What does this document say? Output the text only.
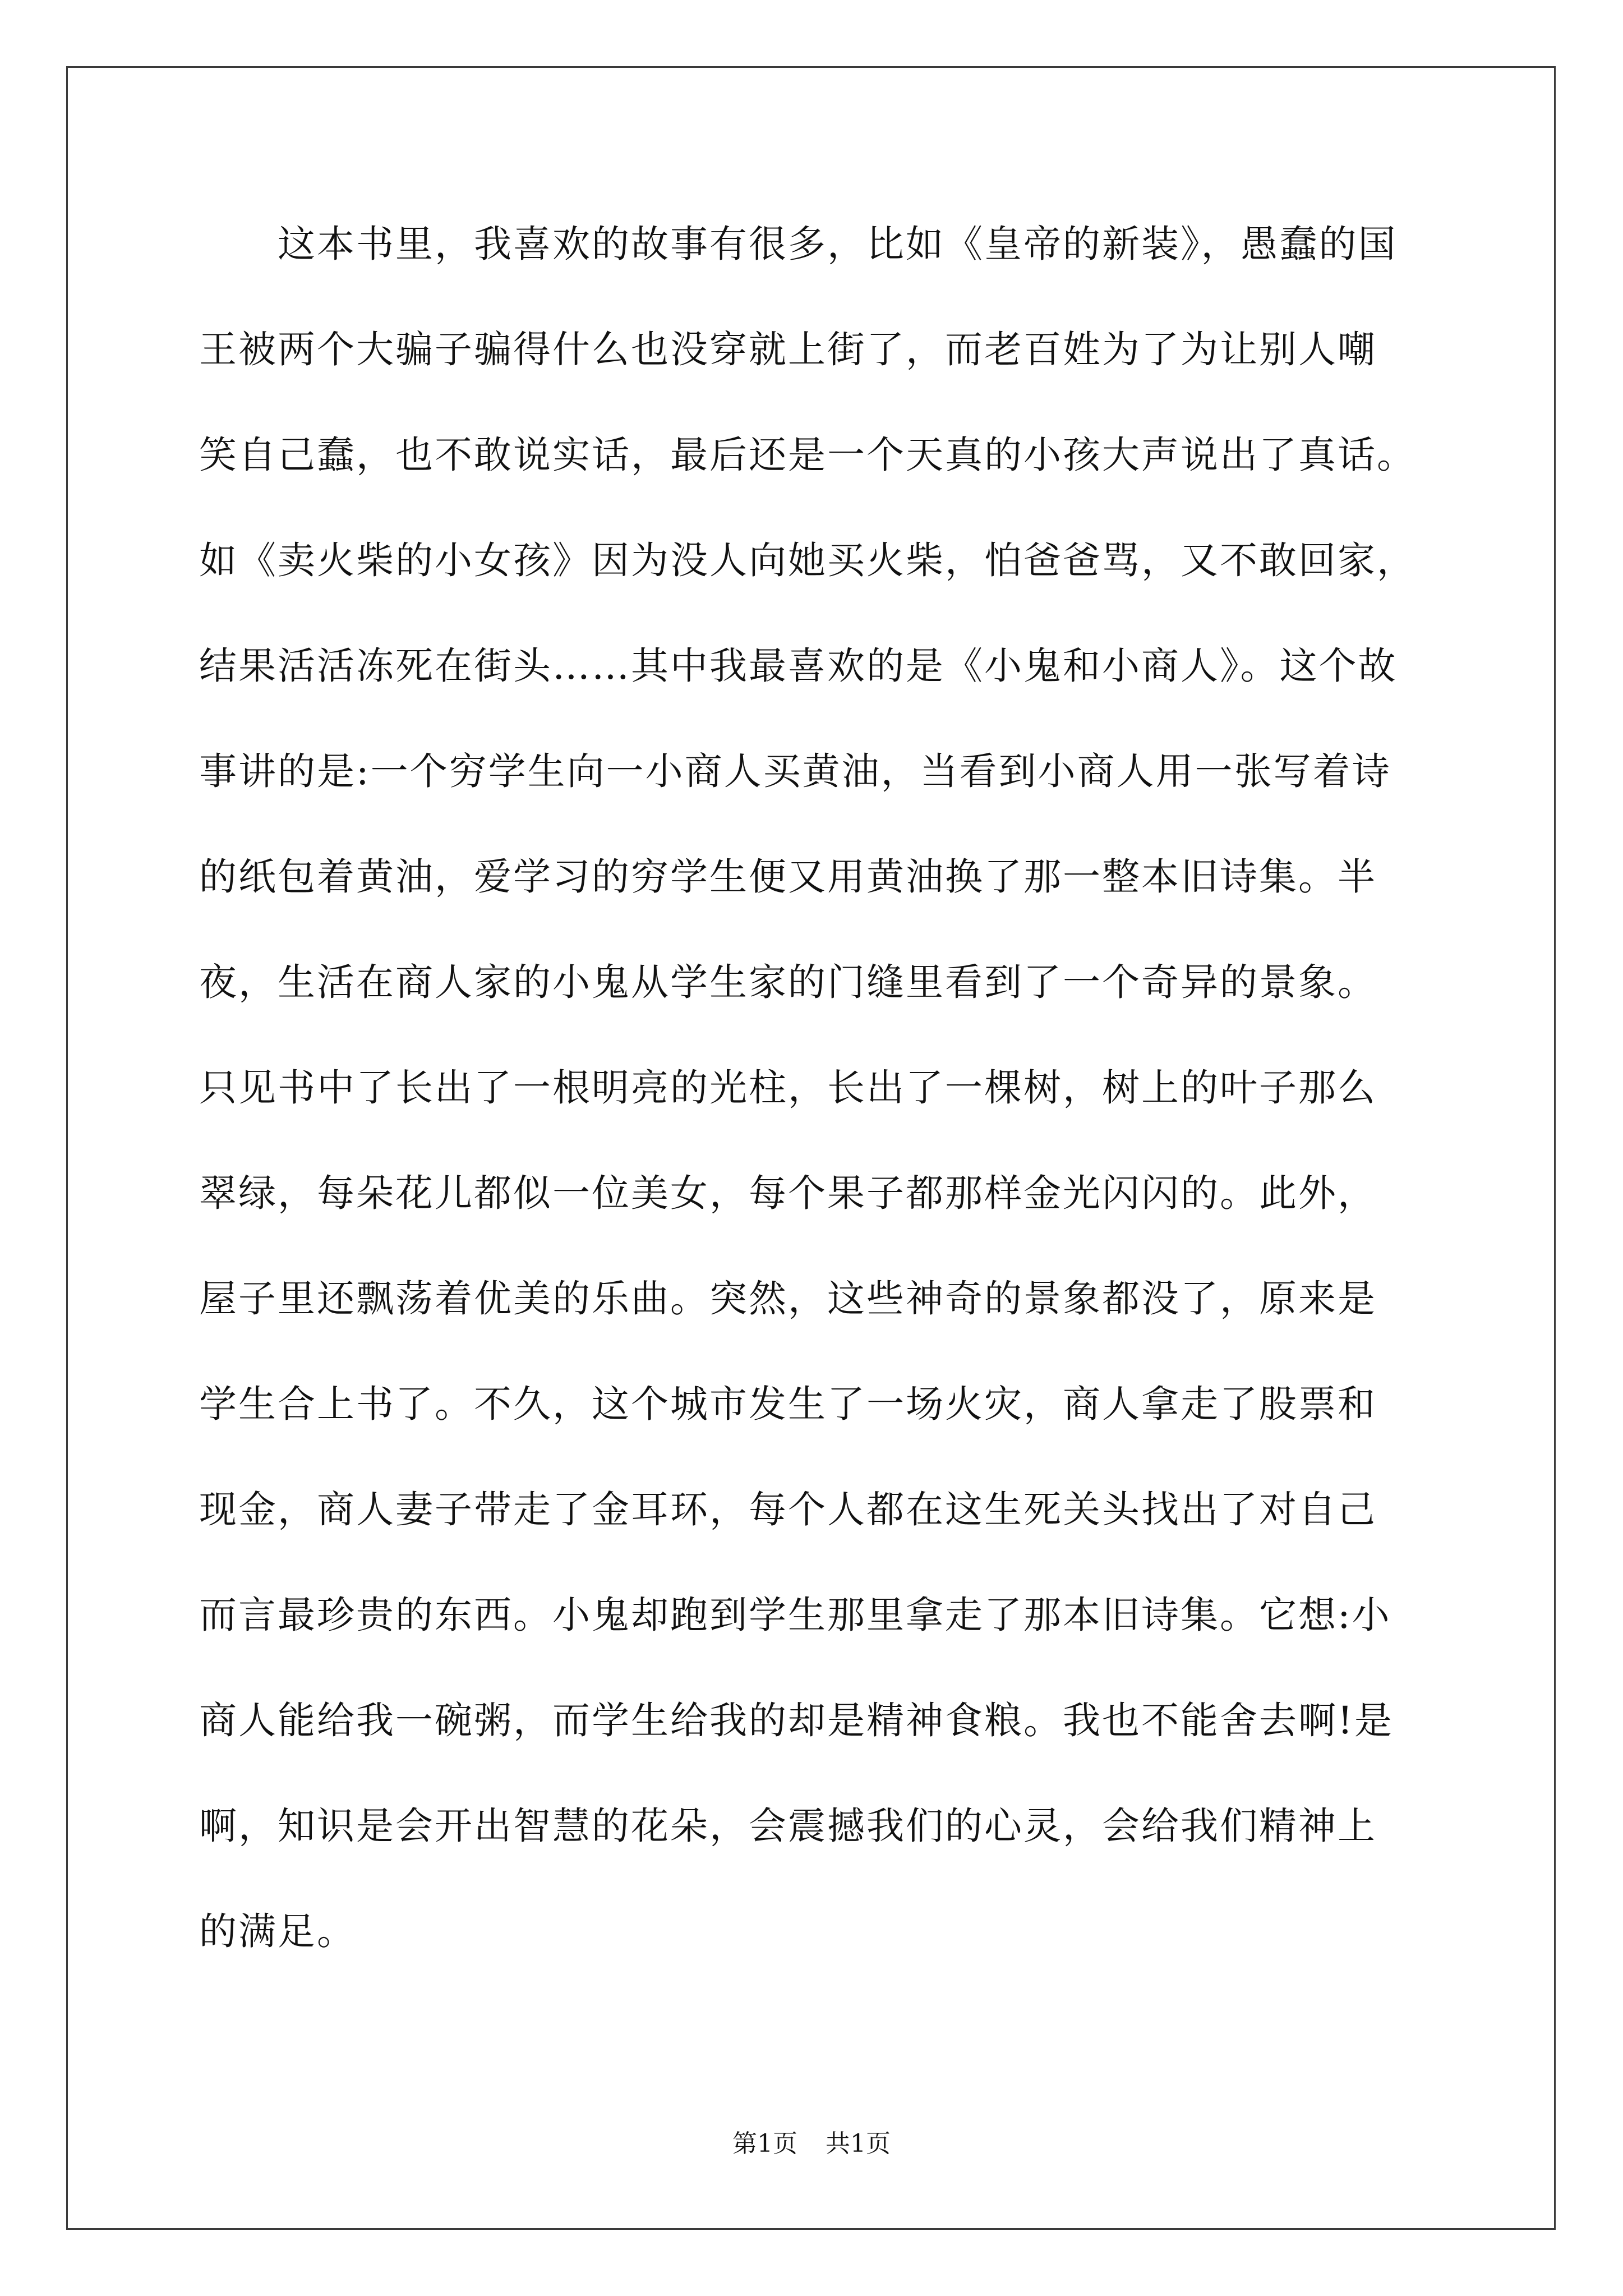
这本书里，我喜欢的故事有很多，比如《皇帝的新装》，愚蠢的国
王被两个大骗子骗得什么也没穿就上街了，而老百姓为了为让别人嘲
笑自己蠢，也不敢说实话，最后还是一个天真的小孩大声说出了真话。
如《卖火柴的小女孩》因为没人向她买火柴，怕爸爸骂，又不敢回家，
结果活活冻死在街头……其中我最喜欢的是《小鬼和小商人》。这个故
事讲的是:一个穷学生向一小商人买黄油，当看到小商人用一张写着诗
的纸包着黄油，爱学习的穷学生便又用黄油换了那一整本旧诗集。半
夜，生活在商人家的小鬼从学生家的门缝里看到了一个奇异的景象。
只见书中了长出了一根明亮的光柱，长出了一棵树，树上的叶子那么
翠绿，每朵花儿都似一位美女，每个果子都那样金光闪闪的。此外，
屋子里还飘荡着优美的乐曲。突然，这些神奇的景象都没了，原来是
学生合上书了。不久，这个城市发生了一场火灾，商人拿走了股票和
现金，商人妻子带走了金耳环，每个人都在这生死关头找出了对自己
而言最珍贵的东西。小鬼却跑到学生那里拿走了那本旧诗集。它想:小
商人能给我一碗粥，而学生给我的却是精神食粮。我也不能舍去啊!是
啊，知识是会开出智慧的花朵，会震撼我们的心灵，会给我们精神上
的满足。
第1页 共1页
